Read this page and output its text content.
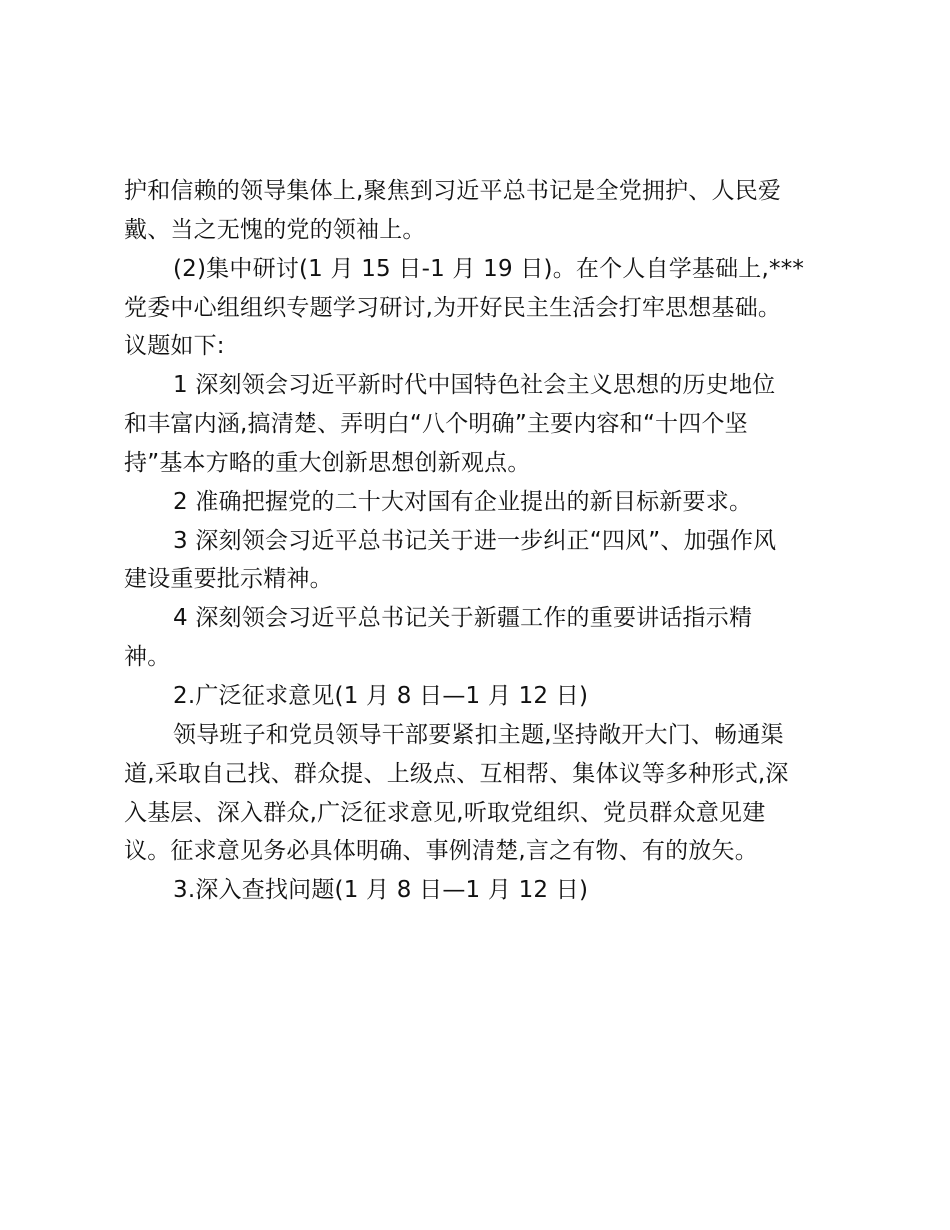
护和信赖的领导集体上,聚焦到习近平总书记是全党拥护、人民爱
戴、当之无愧的党的领袖上。
(2)集中研讨(1 月 15 日-1 月 19 日)。在个人自学基础上,***
党委中心组组织专题学习研讨,为开好民主生活会打牢思想基础。
议题如下:
1 深刻领会习近平新时代中国特色社会主义思想的历史地位
和丰富内涵,搞清楚、弄明白“八个明确”主要内容和“十四个坚
持”基本方略的重大创新思想创新观点。
2 准确把握党的二十大对国有企业提出的新目标新要求。
3 深刻领会习近平总书记关于进一步纠正“四风”、加强作风
建设重要批示精神。
4 深刻领会习近平总书记关于新疆工作的重要讲话指示精
神。
2.广泛征求意见(1 月 8 日—1 月 12 日)
领导班子和党员领导干部要紧扣主题,坚持敞开大门、畅通渠
道,采取自己找、群众提、上级点、互相帮、集体议等多种形式,深
入基层、深入群众,广泛征求意见,听取党组织、党员群众意见建
议。征求意见务必具体明确、事例清楚,言之有物、有的放矢。
3.深入查找问题(1 月 8 日—1 月 12 日)
